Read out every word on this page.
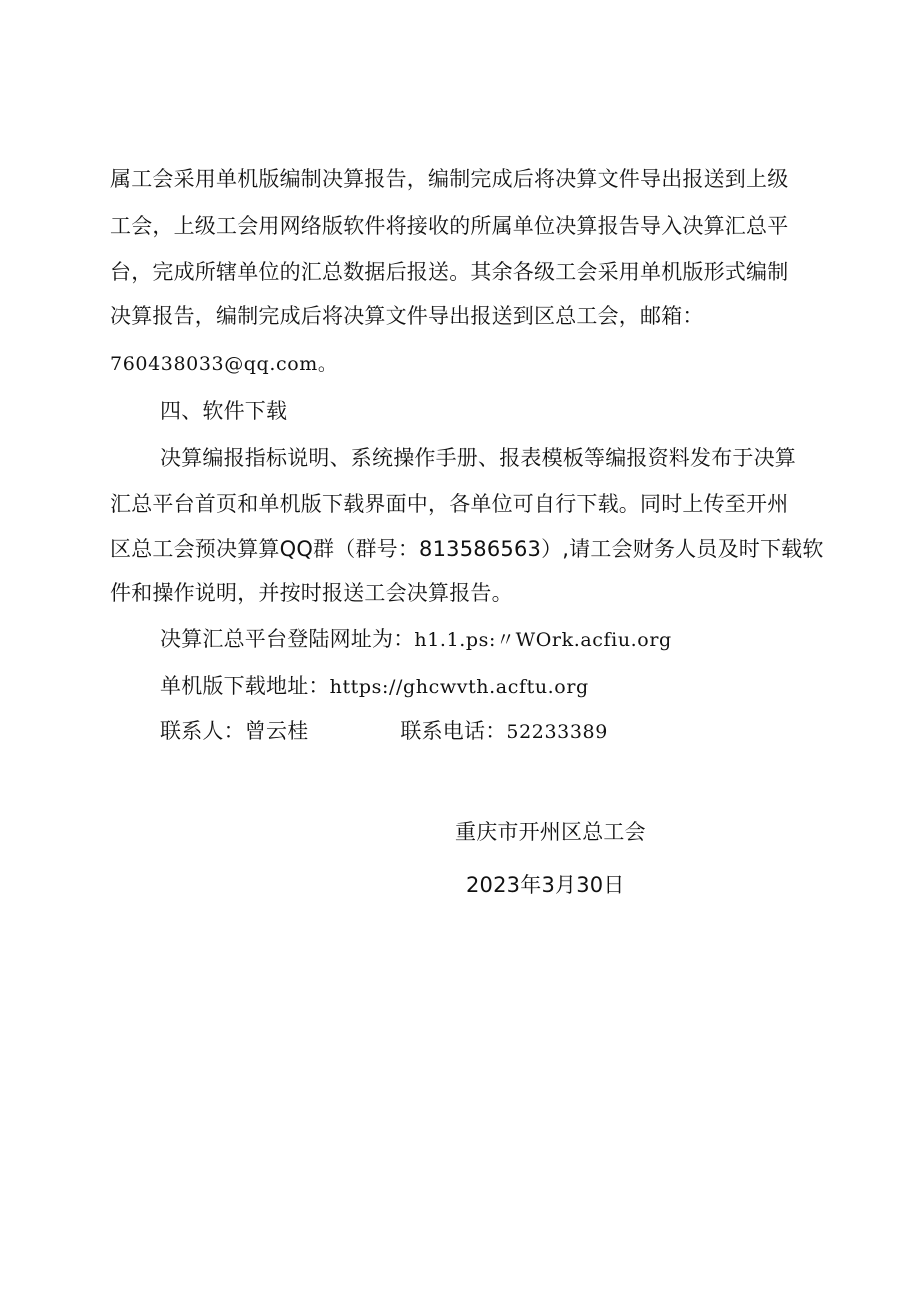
属工会采用单机版编制决算报告，编制完成后将决算文件导出报送到上级
工会，上级工会用网络版软件将接收的所属单位决算报告导入决算汇总平
台，完成所辖单位的汇总数据后报送。其余各级工会采用单机版形式编制
决算报告，编制完成后将决算文件导出报送到区总工会，邮箱：
760438033@qq.com。
四、软件下载
决算编报指标说明、系统操作手册、报表模板等编报资料发布于决算
汇总平台首页和单机版下载界面中，各单位可自行下载。同时上传至开州
区总工会预决算算QQ群（群号：813586563）,请工会财务人员及时下载软
件和操作说明，并按时报送工会决算报告。
决算汇总平台登陆网址为：h1.1.ps:〃WOrk.acfiu.org
单机版下载地址：https://ghcwvth.acftu.org
联系人：曾云桂	联系电话：52233389
重庆市开州区总工会
2023年3月30日
